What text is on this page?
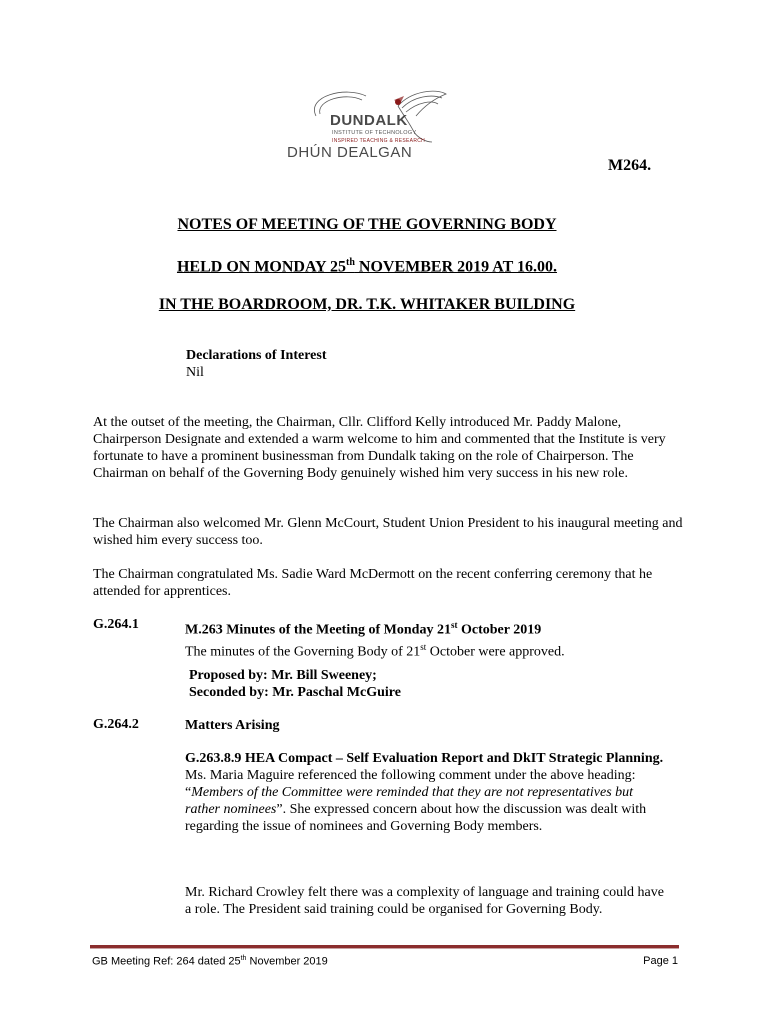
DUNDALK
INSTITUTE OF TECHNOLOGY
INSPIRED TEACHING & RESEARCH
DHÚN DEALGAN
M264.
NOTES OF MEETING OF THE GOVERNING BODY
HELD ON MONDAY 25th NOVEMBER 2019 AT 16.00.
IN THE BOARDROOM, DR. T.K. WHITAKER BUILDING
Declarations of Interest
Nil
At the outset of the meeting, the Chairman, Cllr. Clifford Kelly introduced Mr. Paddy Malone, Chairperson Designate and extended a warm welcome to him and commented that the Institute is very fortunate to have a prominent businessman from Dundalk taking on the role of Chairperson. The Chairman on behalf of the Governing Body genuinely wished him very success in his new role.
The Chairman also welcomed Mr. Glenn McCourt, Student Union President to his inaugural meeting and wished him every success too.
The Chairman congratulated Ms. Sadie Ward McDermott on the recent conferring ceremony that he attended for apprentices.
G.264.1	M.263 Minutes of the Meeting of Monday 21st October 2019
The minutes of the Governing Body of 21st October were approved.
Proposed by: Mr. Bill Sweeney;
Seconded by: Mr. Paschal McGuire
G.264.2	Matters Arising
G.263.8.9 HEA Compact – Self Evaluation Report and DkIT Strategic Planning.
Ms. Maria Maguire referenced the following comment under the above heading: “Members of the Committee were reminded that they are not representatives but rather nominees”. She expressed concern about how the discussion was dealt with regarding the issue of nominees and Governing Body members.
Mr. Richard Crowley felt there was a complexity of language and training could have a role. The President said training could be organised for Governing Body.
GB Meeting Ref: 264 dated 25th November 2019	Page 1
